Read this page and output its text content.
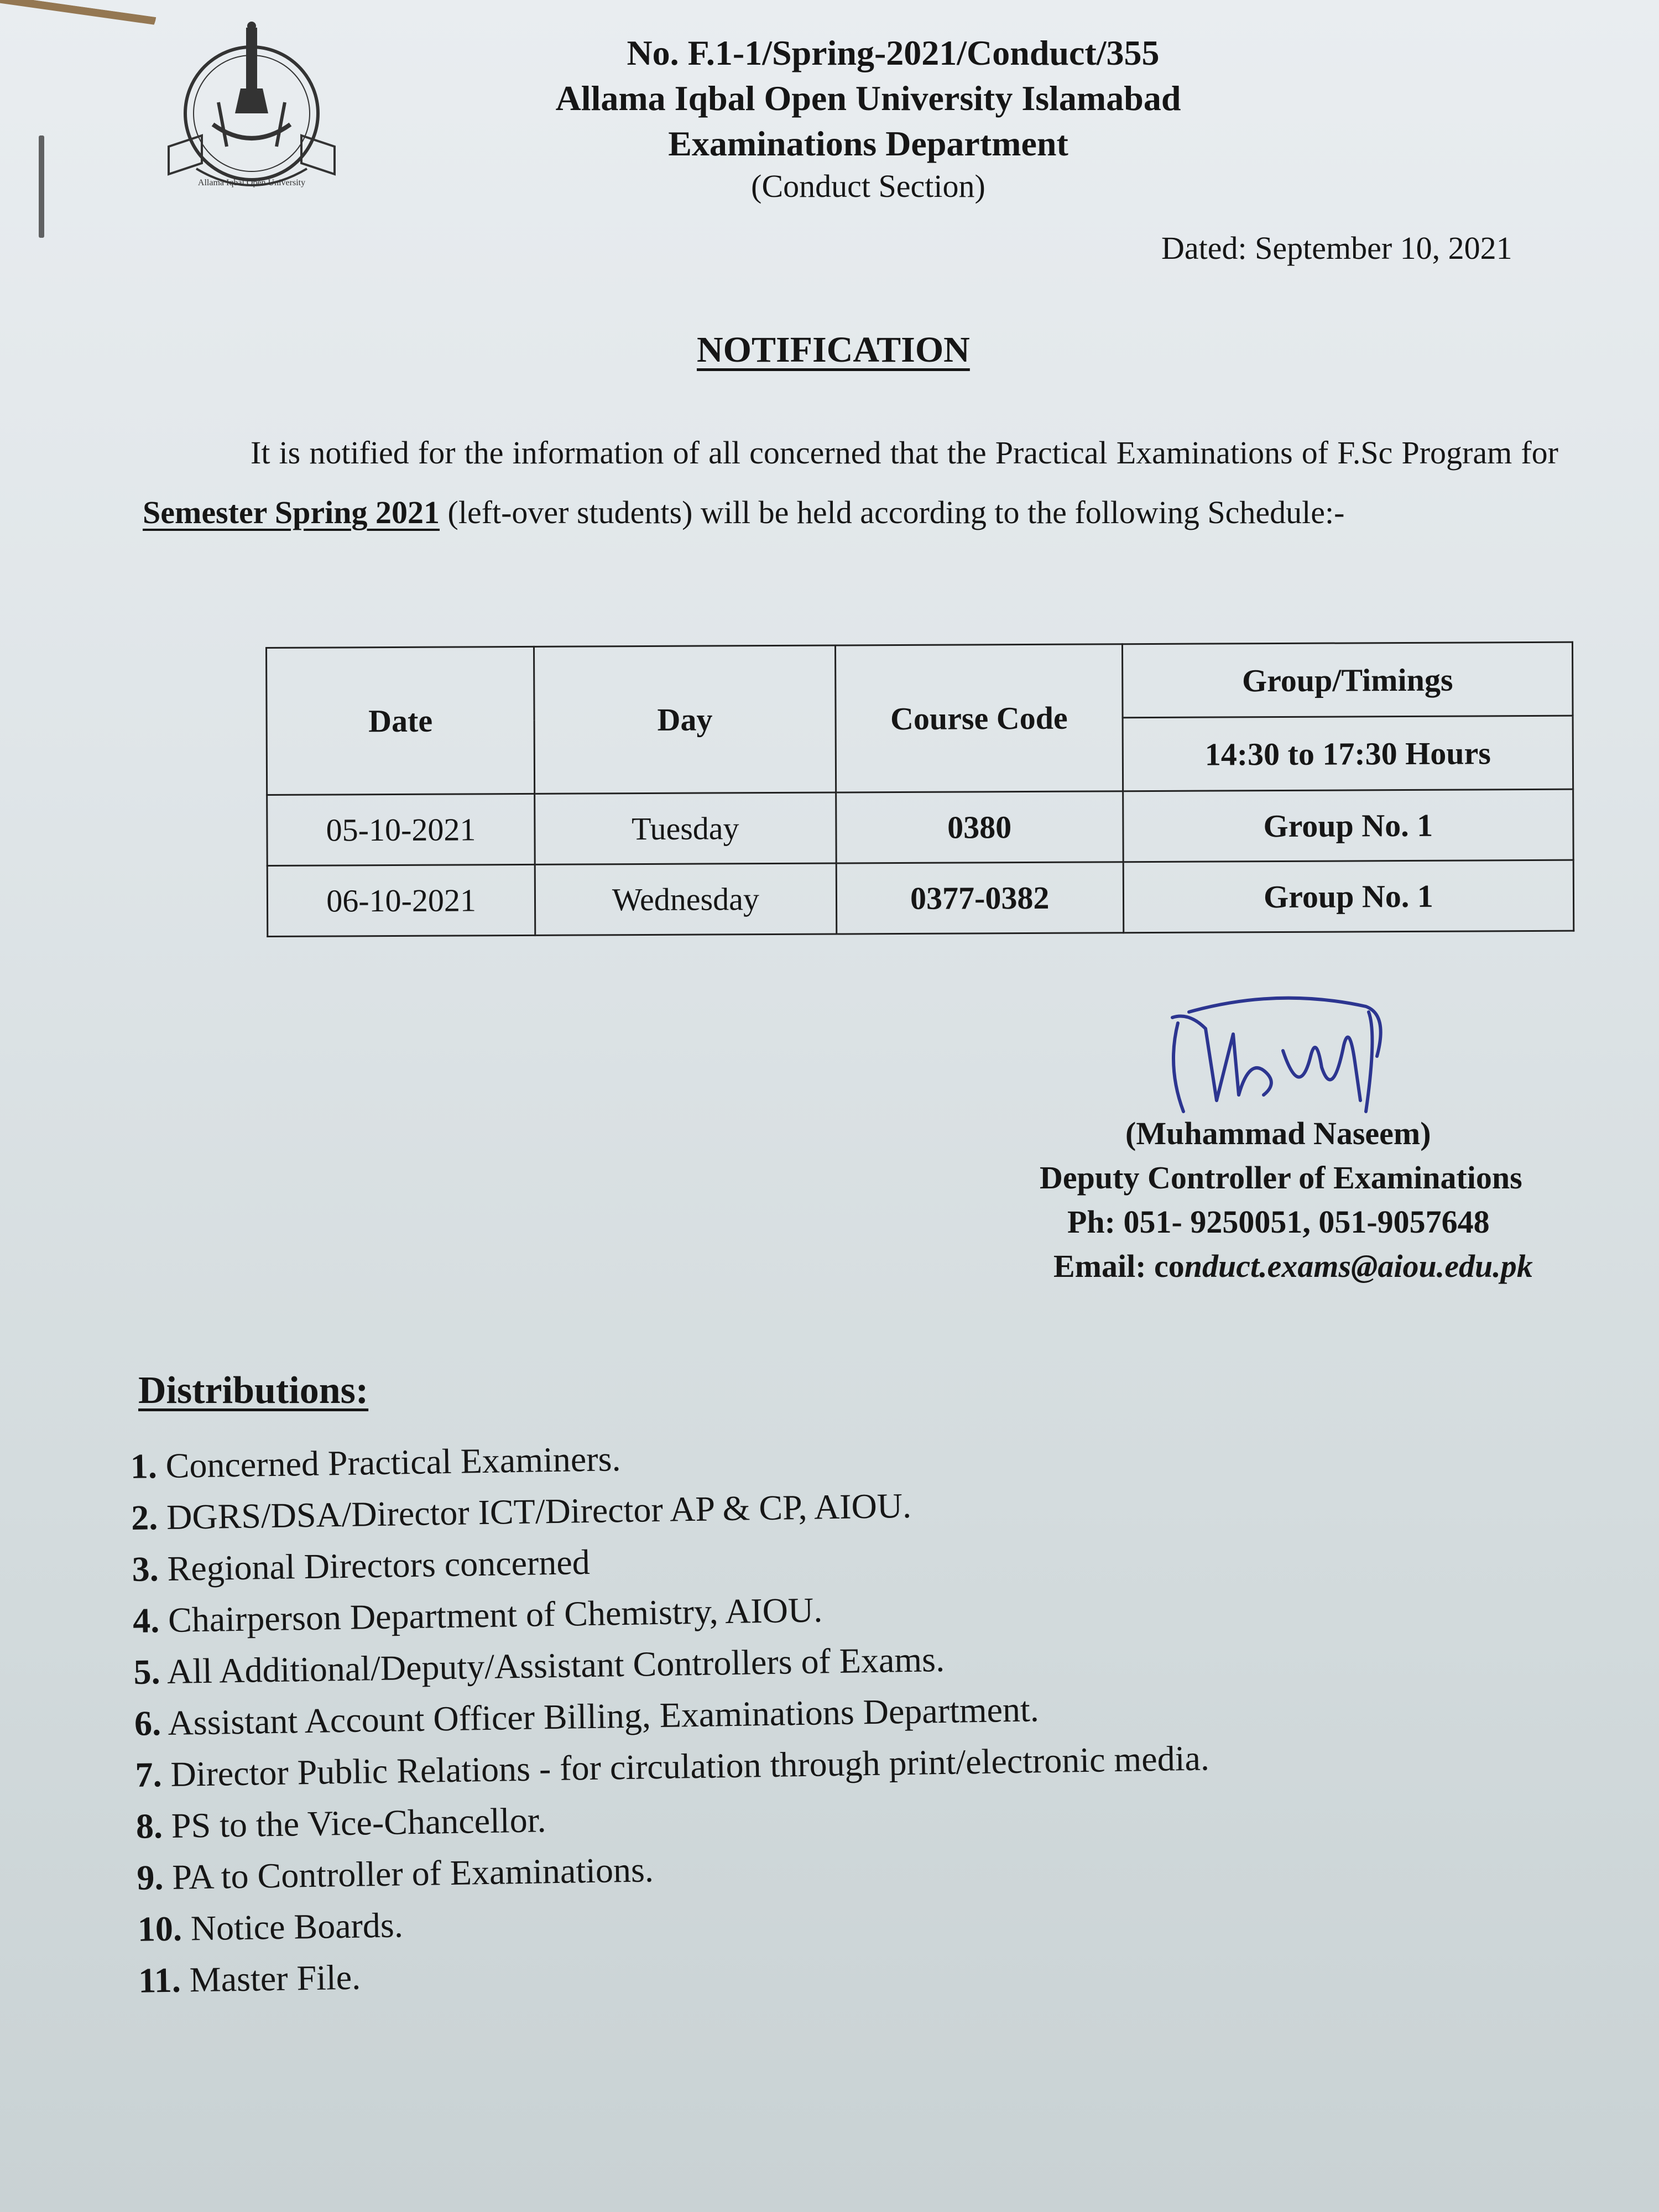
Allama Iqbal Open University
No. F.1-1/Spring-2021/Conduct/355
Allama Iqbal Open University Islamabad
Examinations Department
(Conduct Section)
Dated: September 10, 2021
NOTIFICATION
It is notified for the information of all concerned that the Practical Examinations of F.Sc Program for Semester Spring 2021 (left-over students) will be held according to the following Schedule:-
Date	Day	Course Code	Group/Timings
			14:30 to 17:30 Hours
05-10-2021	Tuesday	0380	Group No. 1
06-10-2021	Wednesday	0377-0382	Group No. 1
(Muhammad Naseem)
Deputy Controller of Examinations
Ph: 051- 9250051, 051-9057648
Email: conduct.exams@aiou.edu.pk
Distributions:
1. Concerned Practical Examiners.
2. DGRS/DSA/Director ICT/Director AP & CP, AIOU.
3. Regional Directors concerned
4. Chairperson Department of Chemistry, AIOU.
5. All Additional/Deputy/Assistant Controllers of Exams.
6. Assistant Account Officer Billing, Examinations Department.
7. Director Public Relations - for circulation through print/electronic media.
8. PS to the Vice-Chancellor.
9. PA to Controller of Examinations.
10. Notice Boards.
11. Master File.
